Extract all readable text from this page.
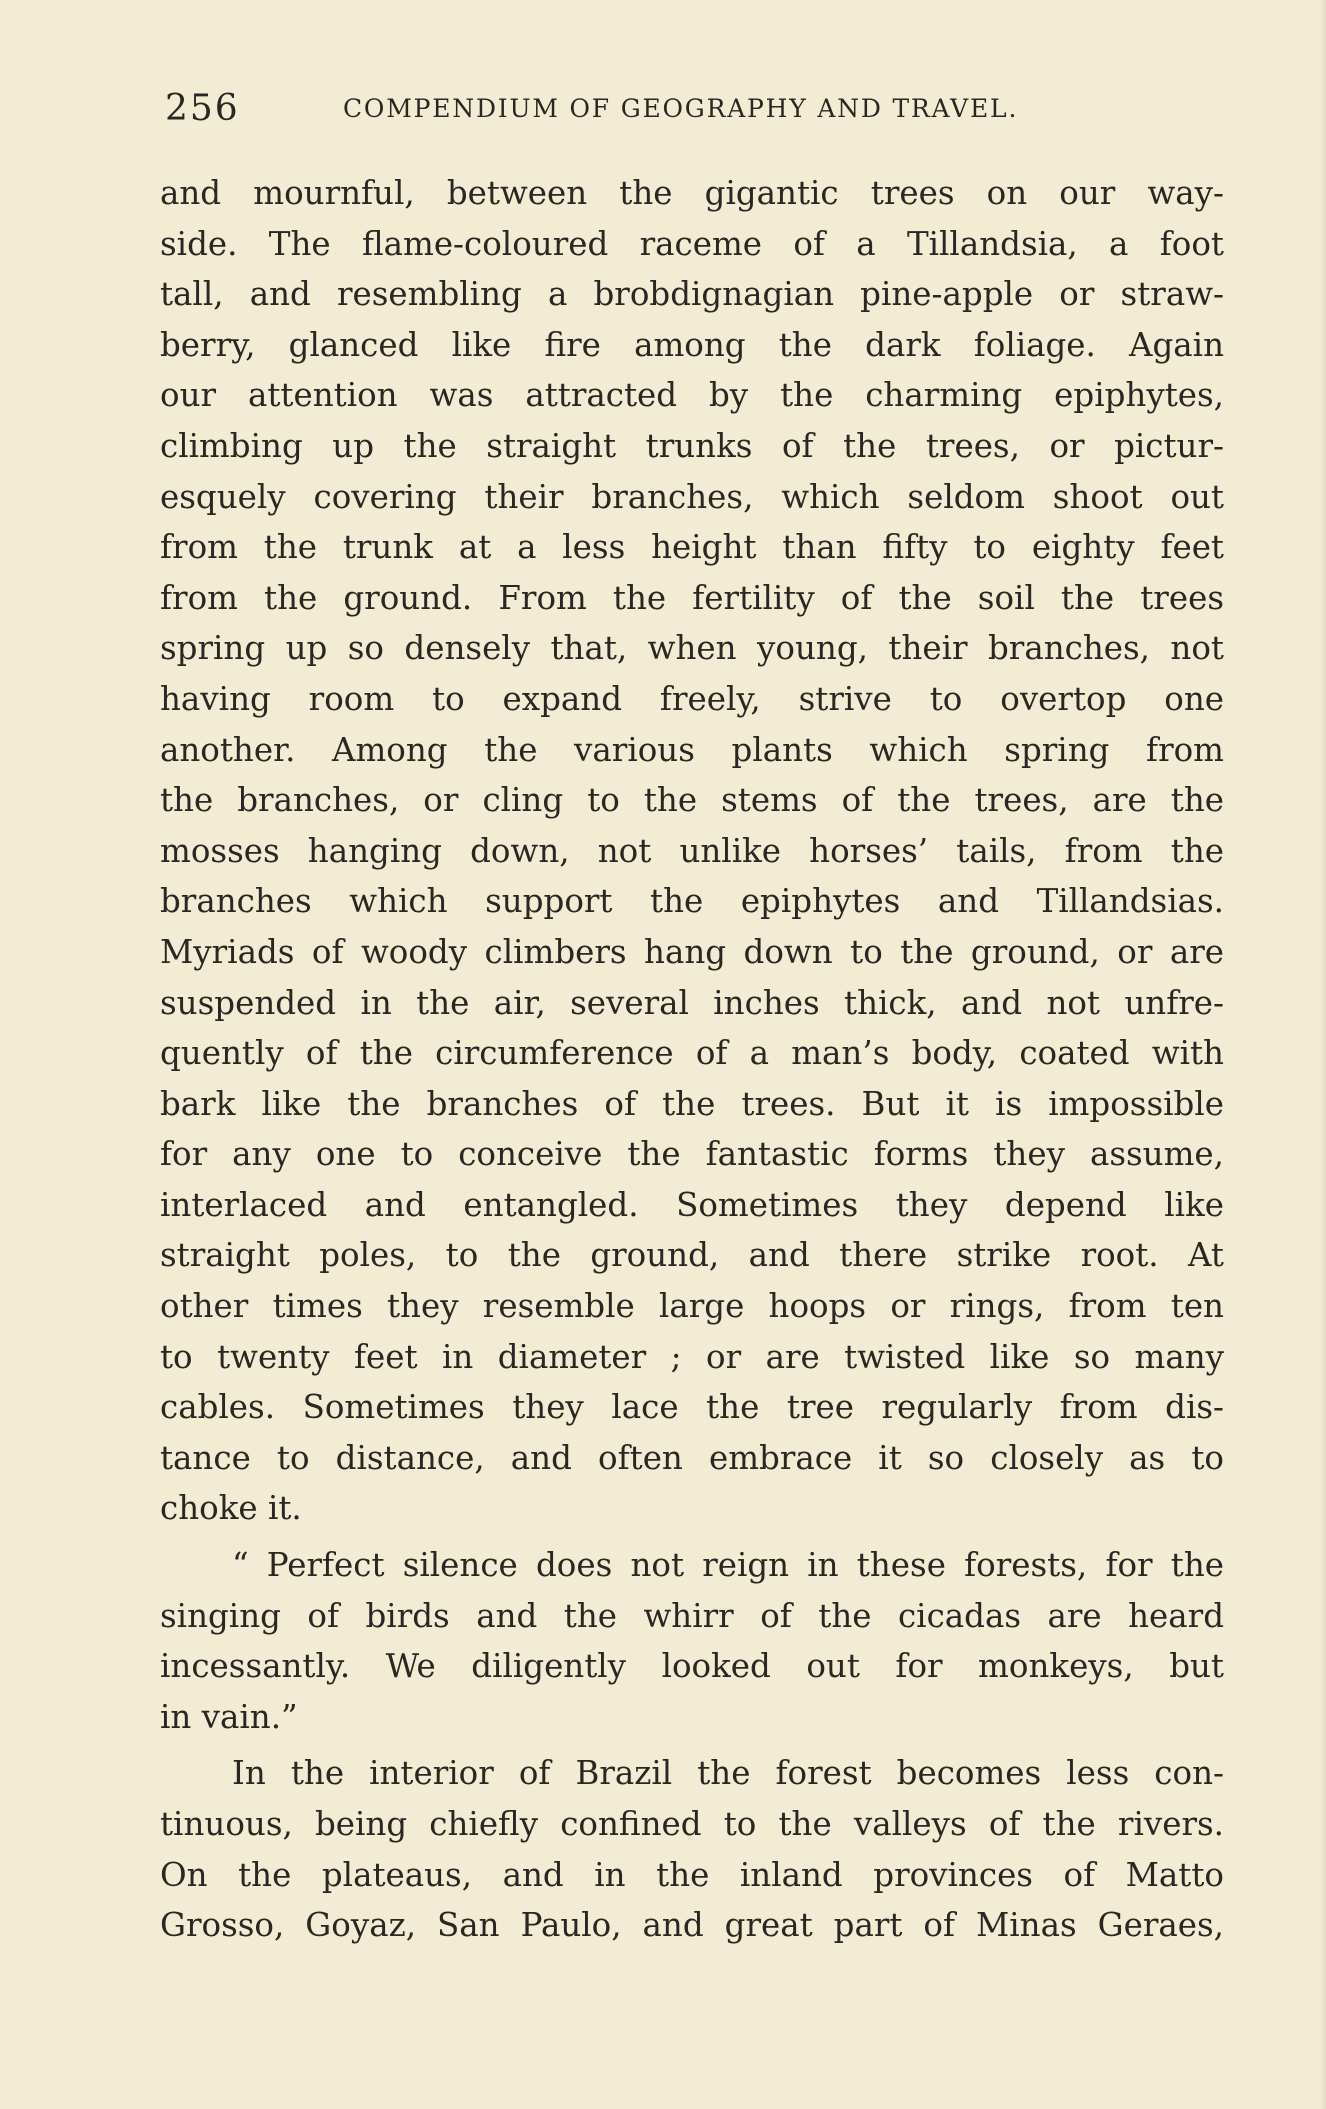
256	COMPENDIUM OF GEOGRAPHY AND TRAVEL.
and mournful, between the gigantic trees on our way-
side. The flame-coloured raceme of a Tillandsia, a foot
tall, and resembling a brobdignagian pine-apple or straw-
berry, glanced like fire among the dark foliage. Again
our attention was attracted by the charming epiphytes,
climbing up the straight trunks of the trees, or pictur-
esquely covering their branches, which seldom shoot out
from the trunk at a less height than fifty to eighty feet
from the ground. From the fertility of the soil the trees
spring up so densely that, when young, their branches, not
having room to expand freely, strive to overtop one
another. Among the various plants which spring from
the branches, or cling to the stems of the trees, are the
mosses hanging down, not unlike horses’ tails, from the
branches which support the epiphytes and Tillandsias.
Myriads of woody climbers hang down to the ground, or are
suspended in the air, several inches thick, and not unfre-
quently of the circumference of a man’s body, coated with
bark like the branches of the trees. But it is impossible
for any one to conceive the fantastic forms they assume,
interlaced and entangled. Sometimes they depend like
straight poles, to the ground, and there strike root. At
other times they resemble large hoops or rings, from ten
to twenty feet in diameter ; or are twisted like so many
cables. Sometimes they lace the tree regularly from dis-
tance to distance, and often embrace it so closely as to
choke it.
“ Perfect silence does not reign in these forests, for the
singing of birds and the whirr of the cicadas are heard
incessantly. We diligently looked out for monkeys, but
in vain.”
In the interior of Brazil the forest becomes less con-
tinuous, being chiefly confined to the valleys of the rivers.
On the plateaus, and in the inland provinces of Matto
Grosso, Goyaz, San Paulo, and great part of Minas Geraes,
